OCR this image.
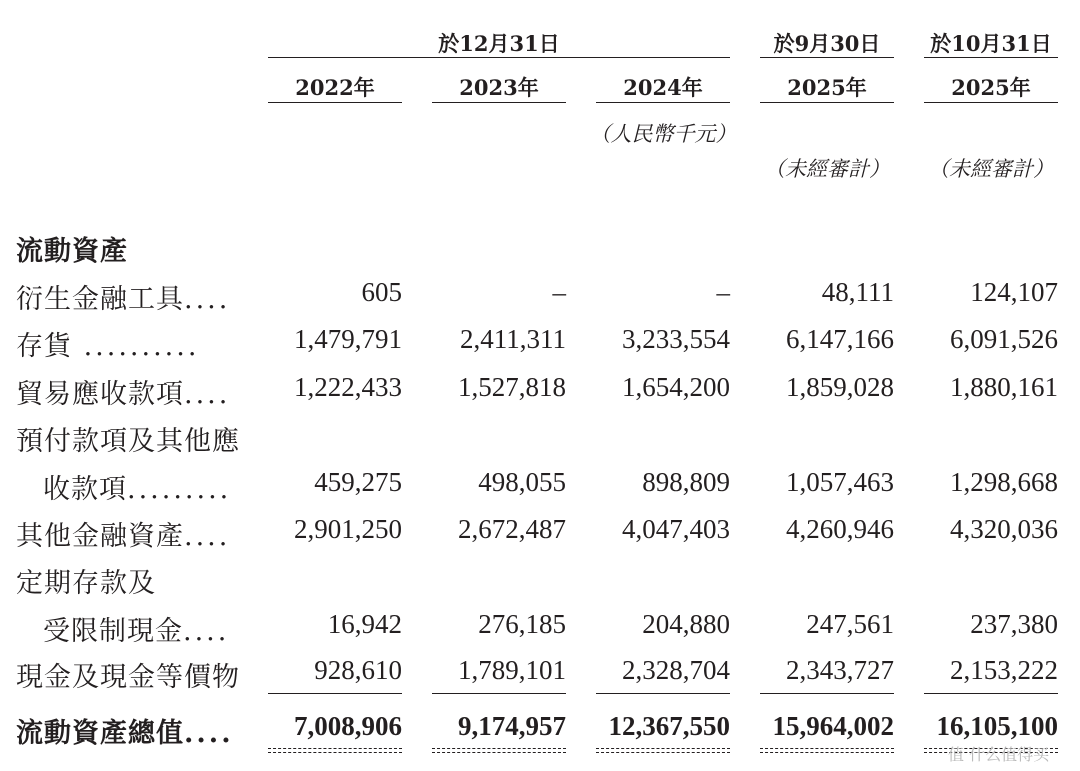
於12月31日	於9月30日	於10月31日
2022年	2023年	2024年	2025年	2025年
（人民幣千元）
（未經審計）	（未經審計）
流動資產
衍生金融工具....	605	–	–	48,111	124,107
存貨 ..........	1,479,791	2,411,311	3,233,554	6,147,166	6,091,526
貿易應收款項....	1,222,433	1,527,818	1,654,200	1,859,028	1,880,161
預付款項及其他應
收款項.........	459,275	498,055	898,809	1,057,463	1,298,668
其他金融資產....	2,901,250	2,672,487	4,047,403	4,260,946	4,320,036
定期存款及
受限制現金....	16,942	276,185	204,880	247,561	237,380
現金及現金等價物	928,610	1,789,101	2,328,704	2,343,727	2,153,222
流動資產總值....	7,008,906	9,174,957	12,367,550	15,964,002	16,105,100
值 什么值得买
